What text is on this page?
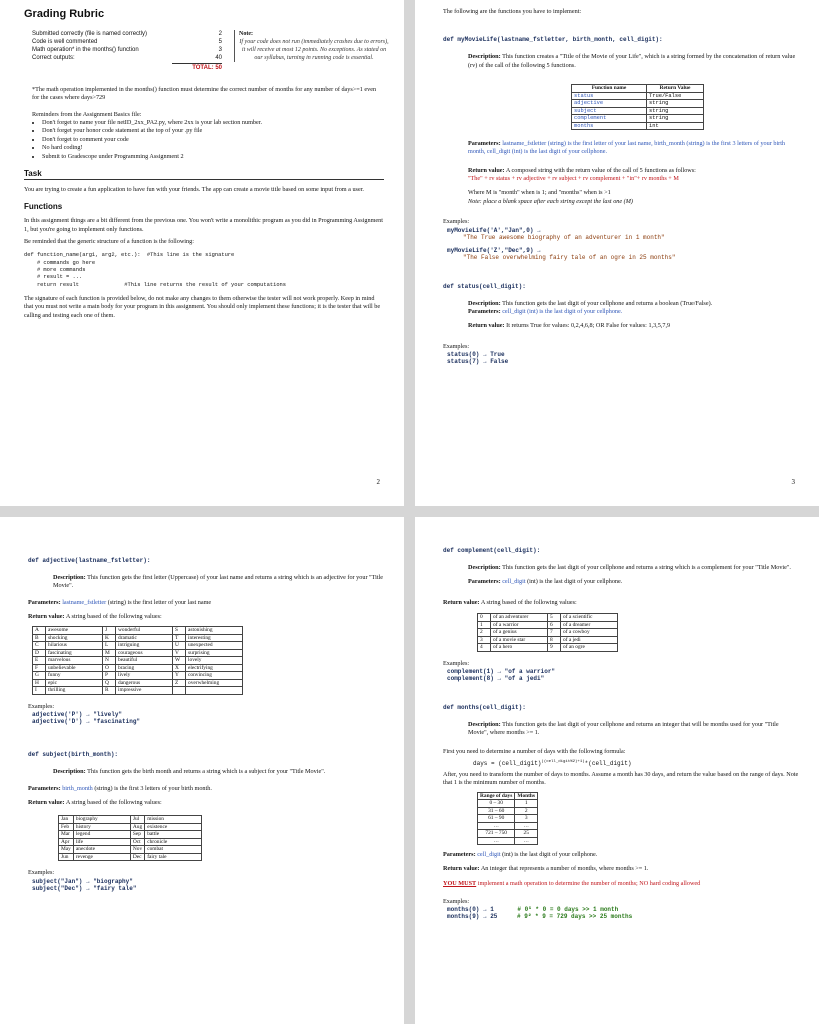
Grading Rubric
Submitted correctly (file is named correctly)	2
Code is well commented	5
Math operation* in the months() function	3
Correct outputs:	40
TOTAL: 50
Note:
If your code does not run (immediately crashes due to errors), it will receive at most 12 points. No exceptions. As stated on our syllabus, turning in running code is essential.
*The math operation implemented in the months() function must determine the correct number of months for any number of days>=1 even for the cases where days>729
Reminders from the Assignment Basics file:
• Don't forget to name your file netID_2xx_PA2.py, where 2xx is your lab section number.
• Don't forget your honor code statement at the top of your .py file
• Don't forget to comment your code
• No hard coding!
• Submit to Gradescope under Programming Assignment 2
Task
You are trying to create a fun application to have fun with your friends. The app can create a movie title based on some input from a user.
Functions
In this assignment things are a bit different from the previous one. You won't write a monolithic program as you did in Programming Assignment 1, but you're going to implement only functions.
Be reminded that the generic structure of a function is the following:
def function_name(arg1, arg2, etc.):  #This line is the signature
# commands go here
# more commands
# result = ...
return result              #This line returns the result of your computations
The signature of each function is provided below, do not make any changes to them otherwise the tester will not work properly. Keep in mind that you must not write a main body for your program in this assignment. You should only implement these functions; it is the tester that will be calling and testing each one of them.
2
The following are the functions you have to implement:
def myMovieLife(lastname_fstletter, birth_month, cell_digit):
Description: This function creates a "Title of the Movie of your Life", which is a string formed by the concatenation of return value (rv) of the call of the following 5 functions.
Function name	Return Value
status	True/False
adjective	string
subject	string
complement	string
months	int
Parameters: lastname_fstletter (string) is the first letter of your last name, birth_month (string) is the first 3 letters of your birth month, cell_digit (int) is the last digit of your cellphone.
Return value: A composed string with the return value of the call of 5 functions as follows:
"The" + rv status + rv adjective + rv subject + rv complement + "in"+ rv months + M
Where M is "month" when is 1; and "months" when is >1
Note: place a blank space after each string except the last one (M)
Examples:
myMovieLife('A',"Jan",0) →
"The True awesome biography of an adventurer in 1 month"
myMovieLife('Z',"Dec",9) →
"The False overwhelming fairy tale of an ogre in 25 months"
def status(cell_digit):
Description: This function gets the last digit of your cellphone and returns a boolean (True/False).
Parameters: cell_digit (int) is the last digit of your cellphone.
Return value: It returns True for values: 0,2,4,6,8; OR False for values: 1,3,5,7,9
Examples:
status(0) → True
status(7) → False
3
def adjective(lastname_fstletter):
Description: This function gets the first letter (Uppercase) of your last name and returns a string which is an adjective for your "Title Movie".
Parameters: lastname_fstletter (string) is the first letter of your last name
Return value: A string based of the following values:
A	awesome	J	wonderful	S	astonishing
B	shocking	K	dramatic	T	interesting
C	hilarious	L	intriguing	U	unexpected
D	fascinating	M	courageous	V	surprising
E	marvelous	N	beautiful	W	lovely
F	unbelievable	O	bracing	X	electrifying
G	funny	P	lively	Y	convincing
H	epic	Q	dangerous	Z	overwhelming
I	thrilling	R	impressive		
Examples:
adjective('P') → "lively"
adjective('D') → "fascinating"
def subject(birth_month):
Description: This function gets the birth month and returns a string which is a subject for your "Title Movie".
Parameters: birth_month (string) is the first 3 letters of your birth month.
Return value: A string based of the following values:
Jan	biography	Jul	mission
Feb	history	Aug	existence
Mar	legend	Sep	battle
Apr	life	Oct	chronicle
May	anecdote	Nov	combat
Jun	revenge	Dec	fairy tale
Examples:
subject("Jan") → "biography"
subject("Dec") → "fairy tale"
def complement(cell_digit):
Description: This function gets the last digit of your cellphone and returns a string which is a complement for your "Title Movie".
Parameters: cell_digit (int) is the last digit of your cellphone.
Return value: A string based of the following values:
0	of an adventurer	5	of a scientific
1	of a warrior	6	of a dreamer
2	of a genius	7	of a cowboy
3	of a movie star	8	of a jedi
4	of a hero	9	of an ogre
Examples:
complement(1) → "of a warrior"
complement(8) → "of a jedi"
def months(cell_digit):
Description: This function gets the last digit of your cellphone and returns an integer that will be months used for your "Title Movie", where months >= 1.
First you need to determine a number of days with the following formula:
days = (cell_digit)$^{((cell\_digit\%2)+1)}$*(cell_digit)
After, you need to transform the number of days to months. Assume a month has 30 days, and return the value based on the range of days. Note that 1 is the minimum number of months.
Range of days	Months
0 – 30	1
31 – 60	2
61 – 90	3
…	…
721 – 750	25
…	…
Parameters: cell_digit (int) is the last digit of your cellphone.
Return value: An integer that represents a number of months, where months >= 1.
YOU MUST implement a math operation to determine the number of months; NO hard coding allowed
Examples:
months(0) → 1	# 0¹ * 0 = 0 days >> 1 month
months(9) → 25	# 9² * 9 = 729 days >> 25 months
